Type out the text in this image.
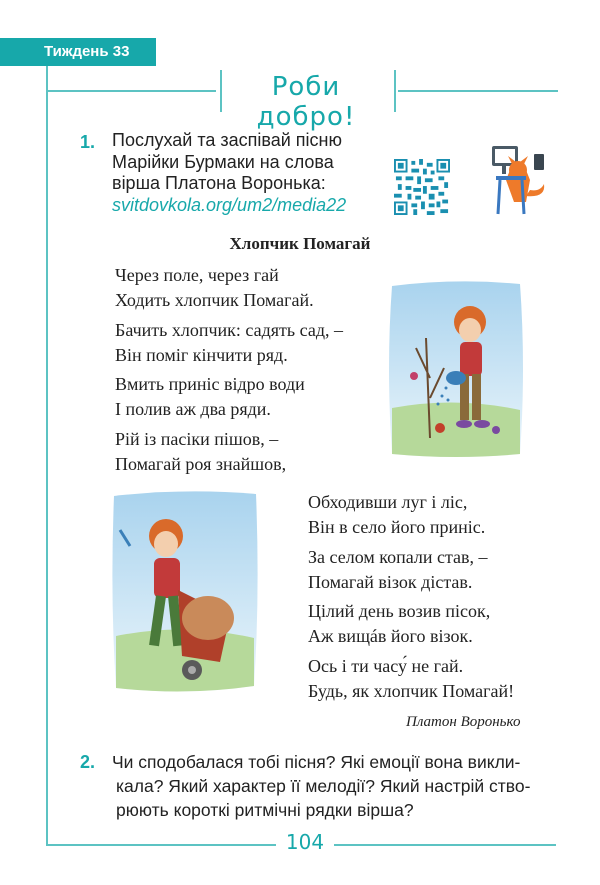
Тиждень 33
Роби добро!
1. Послухай та заспівай пісню
Марійки Бурмаки на слова
вірша Платона Воронька:
svitdovkola.org/um2/media22
Хлопчик Помагай
Через поле, через гай
Ходить хлопчик Помагай.
Бачить хлопчик: садять сад, –
Він поміг кінчити ряд.
Вмить приніс відро води
І полив аж два ряди.
Рій із пасіки пішов, –
Помагай роя знайшов,
Обходивши луг і ліс,
Він в село його приніс.
За селом копали став, –
Помагай візок дістав.
Цілий день возив пісок,
Аж вищáв його візок.
Ось і ти часу́ не гай.
Будь, як хлопчик Помагай!
Платон Воронько
2. Чи сподобалася тобі пісня? Які емоції вона викли-
кала? Який характер її мелодії? Який настрій ство-
рюють короткі ритмічні рядки вірша?
104
